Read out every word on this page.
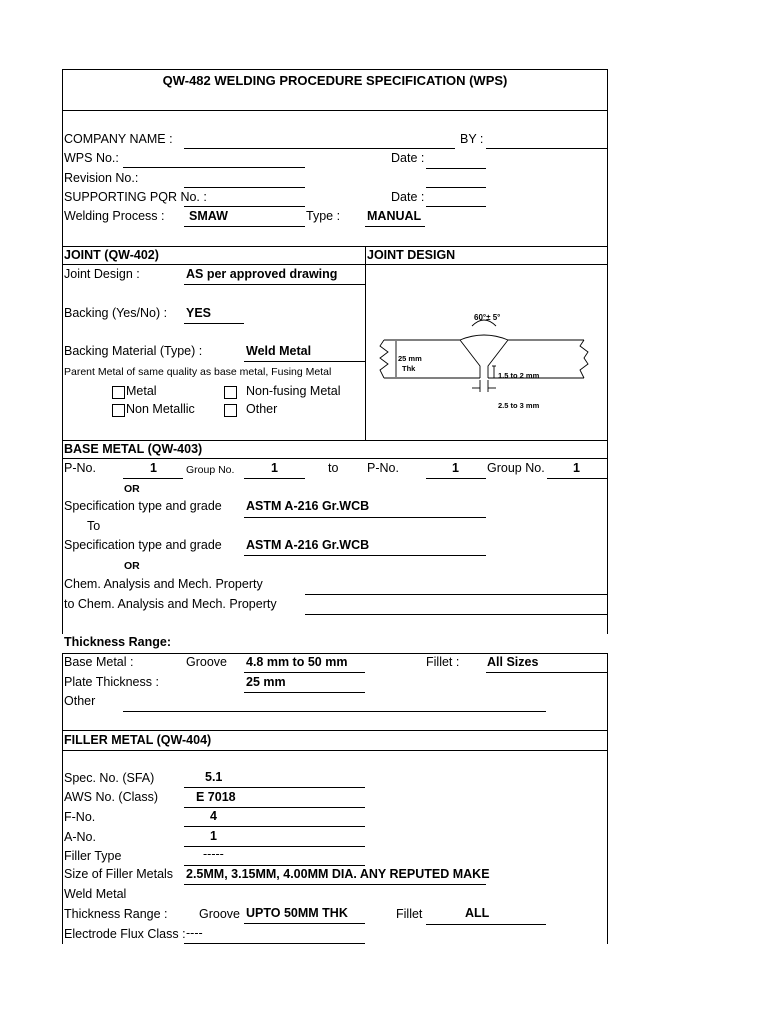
QW-482 WELDING PROCEDURE SPECIFICATION (WPS)
COMPANY NAME :	BY :
WPS No.:	Date :
Revision No.:
SUPPORTING PQR No. :	Date :
Welding Process : SMAW	Type : MANUAL
JOINT (QW-402)	JOINT DESIGN
Joint Design :	AS per approved drawing
Backing (Yes/No) : YES
Backing Material (Type) :	Weld Metal
Parent Metal of same quality as base metal, Fusing Metal
Metal	Non-fusing Metal
Non Metallic	Other
60°± 5°
25 mm
Thk
1.5 to 2 mm
2.5 to 3 mm
BASE METAL (QW-403)
P-No.	1	Group No.	1	to P-No.	1 Group No. 1
OR
Specification type and grade ASTM A-216 Gr.WCB
To
Specification type and grade ASTM A-216 Gr.WCB
OR
Chem. Analysis and Mech. Property
to Chem. Analysis and Mech. Property
Thickness Range:
Base Metal :	Groove 4.8 mm to 50 mm	Fillet : All Sizes
Plate Thickness :	25 mm
Other
FILLER METAL (QW-404)
Spec. No. (SFA)	5.1
AWS No. (Class)	E 7018
F-No.	4
A-No.	1
Filler Type	-----
Size of Filler Metals 2.5MM, 3.15MM, 4.00MM DIA. ANY REPUTED MAKE
Weld Metal
Thickness Range :	Groove UPTO 50MM THK	Fillet	ALL
Electrode Flux Class : ----
